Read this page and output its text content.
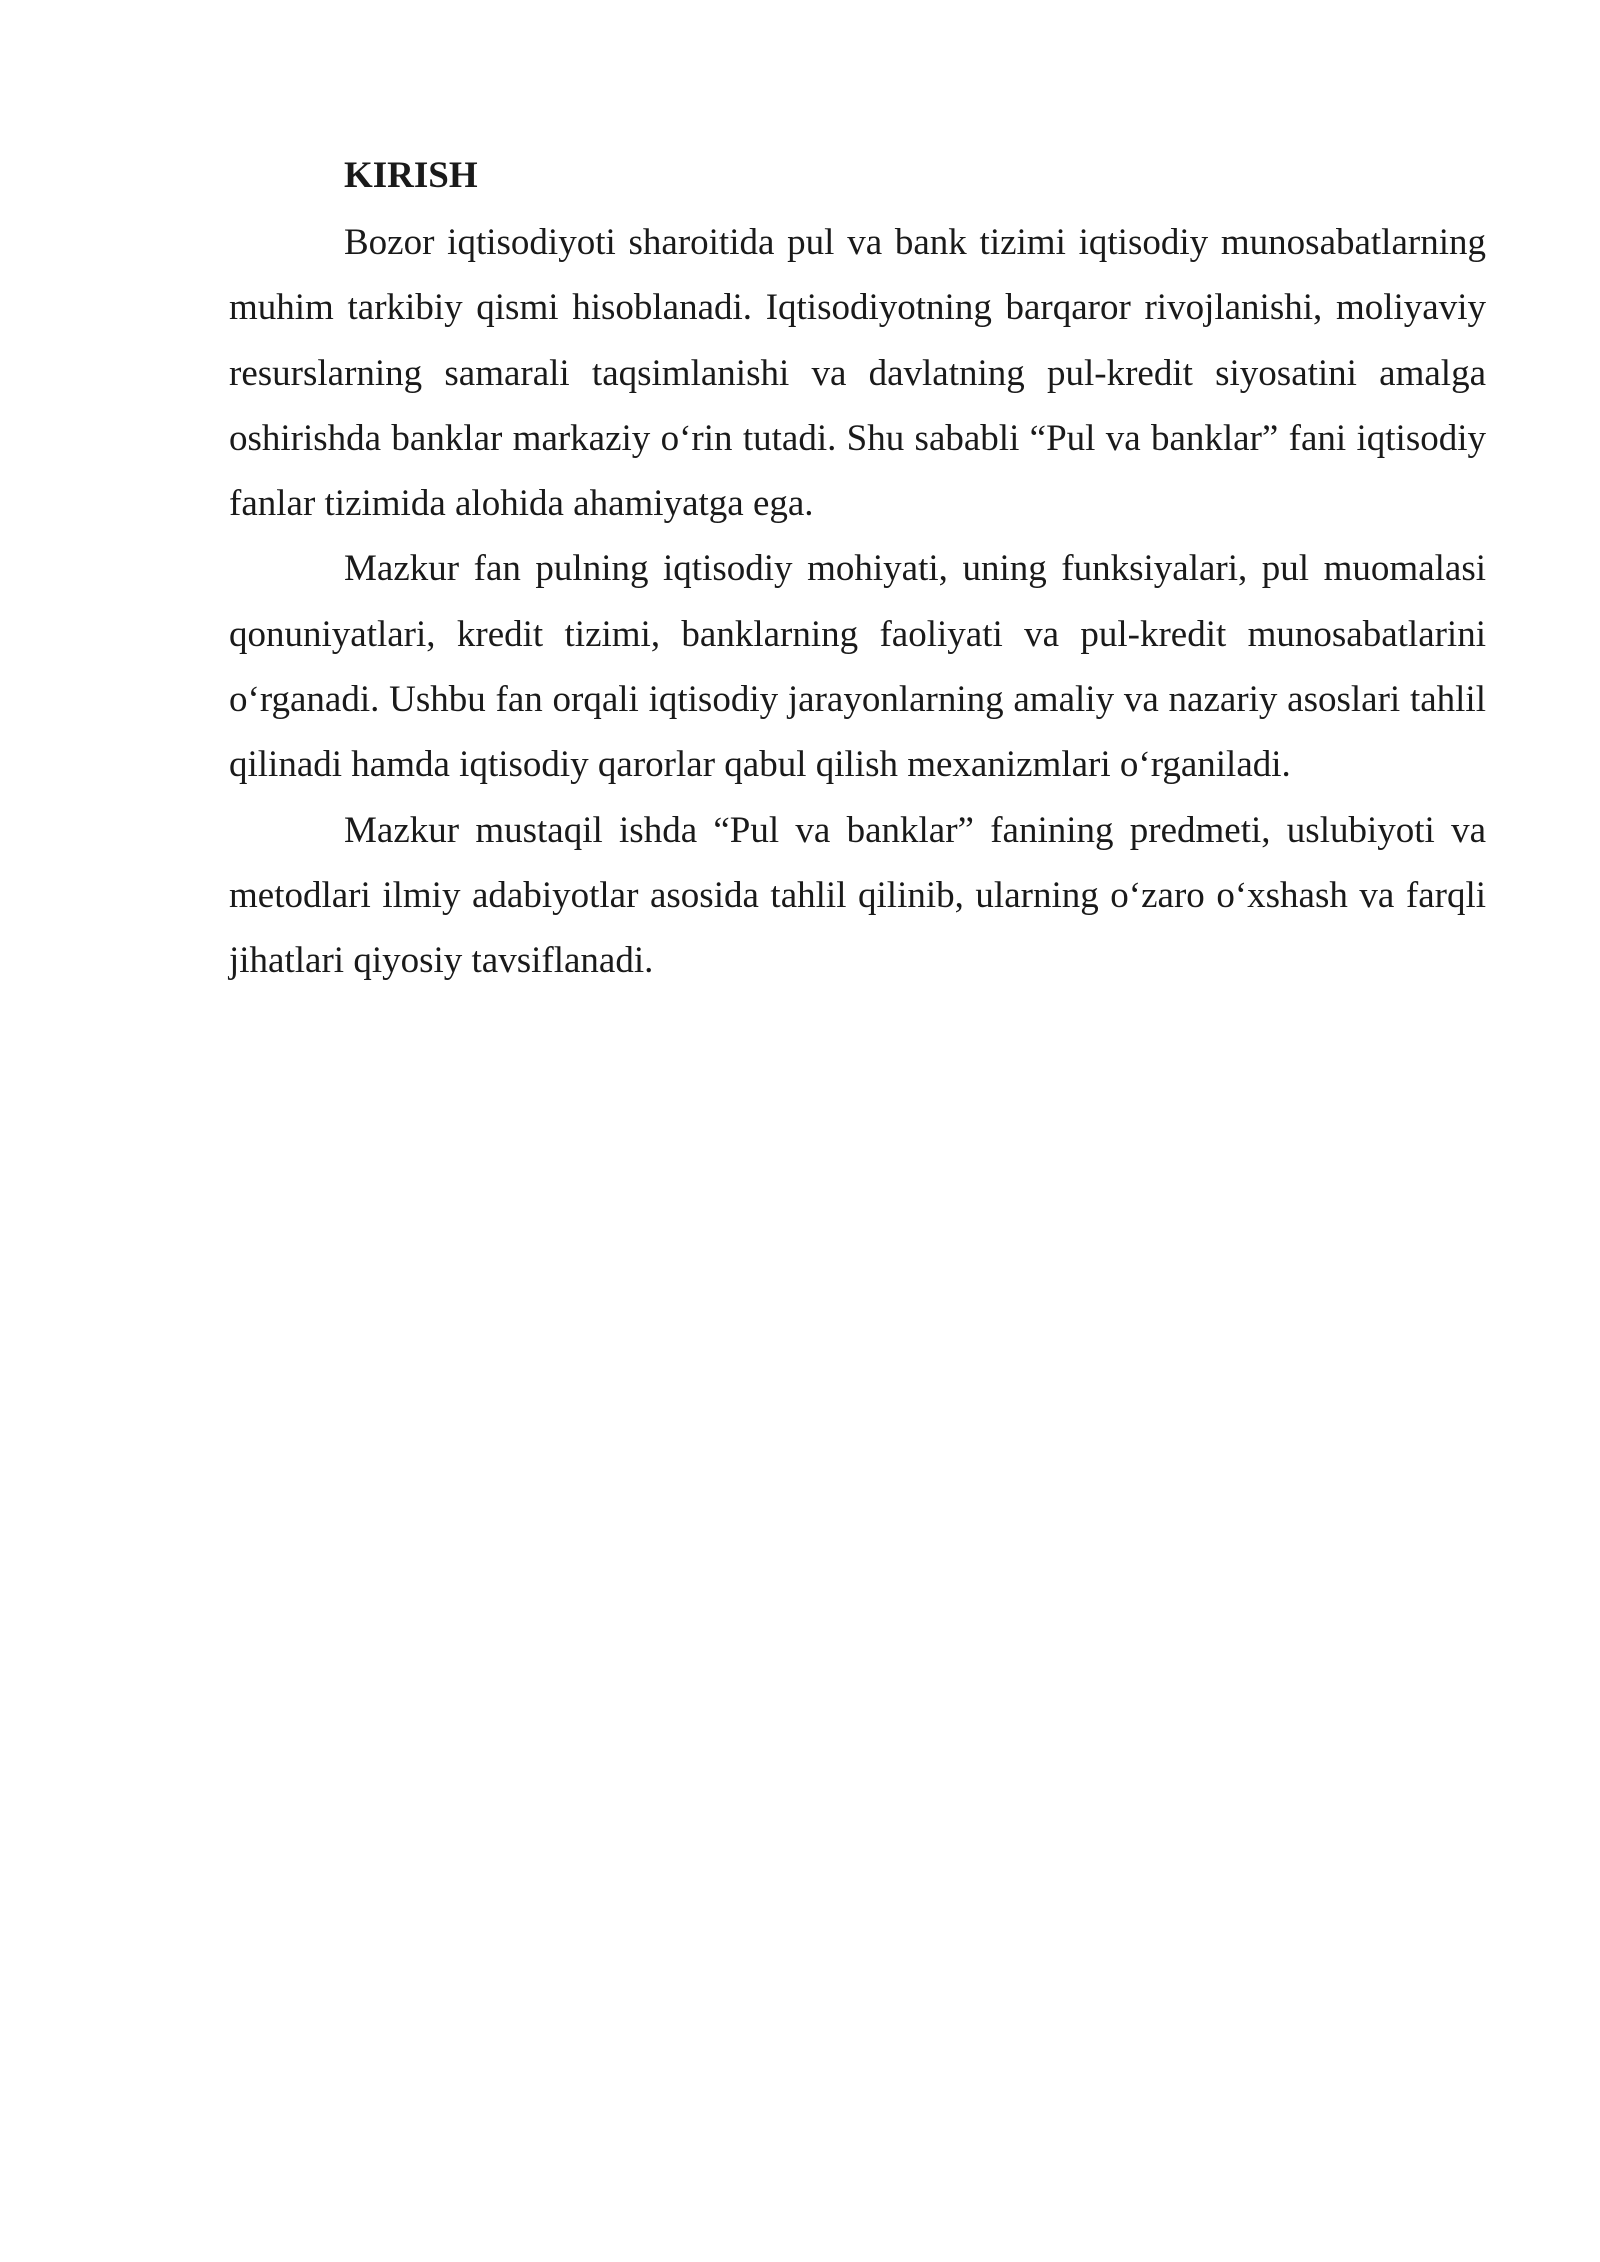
KIRISH

Bozor iqtisodiyoti sharoitida pul va bank tizimi iqtisodiy munosabatlarning muhim tarkibiy qismi hisoblanadi. Iqtisodiyotning barqaror rivojlanishi, moliyaviy resurslarning samarali taqsimlanishi va davlatning pul-kredit siyosatini amalga oshirishda banklar markaziy o‘rin tutadi. Shu sababli “Pul va banklar” fani iqtisodiy fanlar tizimida alohida ahamiyatga ega.

Mazkur fan pulning iqtisodiy mohiyati, uning funksiyalari, pul muomalasi qonuniyatlari, kredit tizimi, banklarning faoliyati va pul-kredit munosabatlarini o‘rganadi. Ushbu fan orqali iqtisodiy jarayonlarning amaliy va nazariy asoslari tahlil qilinadi hamda iqtisodiy qarorlar qabul qilish mexanizmlari o‘rganiladi.

Mazkur mustaqil ishda “Pul va banklar” fanining predmeti, uslubiyoti va metodlari ilmiy adabiyotlar asosida tahlil qilinib, ularning o‘zaro o‘xshash va farqli jihatlari qiyosiy tavsiflanadi.
